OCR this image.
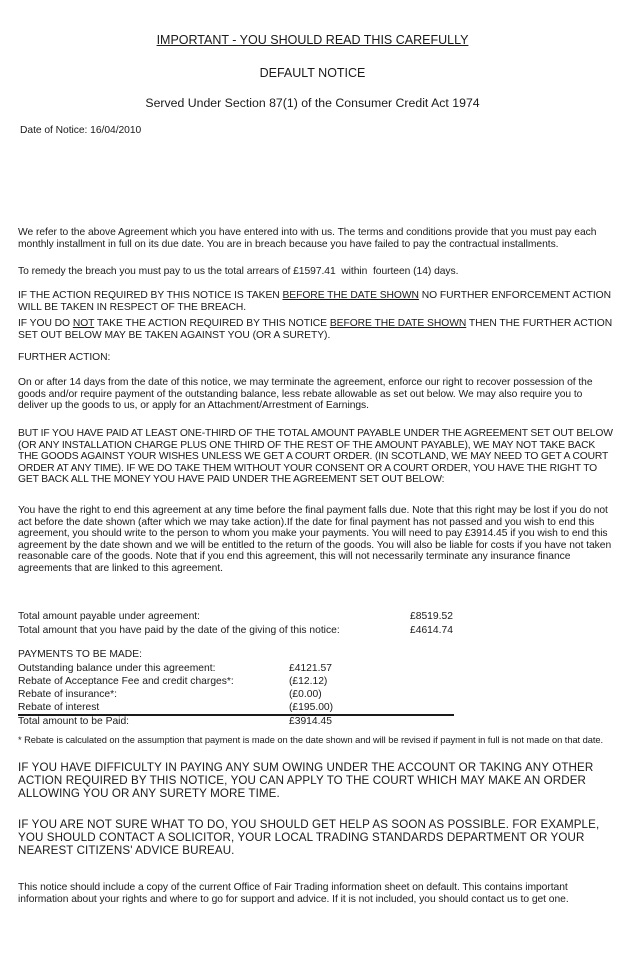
IMPORTANT - YOU SHOULD READ THIS CAREFULLY
DEFAULT NOTICE
Served Under Section 87(1) of the Consumer Credit Act 1974
Date of Notice: 16/04/2010
We refer to the above Agreement which you have entered into with us. The terms and conditions provide that you must pay each monthly installment in full on its due date. You are in breach because you have failed to pay the contractual installments.
To remedy the breach you must pay to us the total arrears of £1597.41 within fourteen (14) days.
IF THE ACTION REQUIRED BY THIS NOTICE IS TAKEN BEFORE THE DATE SHOWN NO FURTHER ENFORCEMENT ACTION WILL BE TAKEN IN RESPECT OF THE BREACH.
IF YOU DO NOT TAKE THE ACTION REQUIRED BY THIS NOTICE BEFORE THE DATE SHOWN THEN THE FURTHER ACTION SET OUT BELOW MAY BE TAKEN AGAINST YOU (OR A SURETY).
FURTHER ACTION:
On or after 14 days from the date of this notice, we may terminate the agreement, enforce our right to recover possession of the goods and/or require payment of the outstanding balance, less rebate allowable as set out below. We may also require you to deliver up the goods to us, or apply for an Attachment/Arrestment of Earnings.
BUT IF YOU HAVE PAID AT LEAST ONE-THIRD OF THE TOTAL AMOUNT PAYABLE UNDER THE AGREEMENT SET OUT BELOW (OR ANY INSTALLATION CHARGE PLUS ONE THIRD OF THE REST OF THE AMOUNT PAYABLE), WE MAY NOT TAKE BACK THE GOODS AGAINST YOUR WISHES UNLESS WE GET A COURT ORDER. (IN SCOTLAND, WE MAY NEED TO GET A COURT ORDER AT ANY TIME). IF WE DO TAKE THEM WITHOUT YOUR CONSENT OR A COURT ORDER, YOU HAVE THE RIGHT TO GET BACK ALL THE MONEY YOU HAVE PAID UNDER THE AGREEMENT SET OUT BELOW:
You have the right to end this agreement at any time before the final payment falls due. Note that this right may be lost if you do not act before the date shown (after which we may take action).If the date for final payment has not passed and you wish to end this agreement, you should write to the person to whom you make your payments. You will need to pay £3914.45 if you wish to end this agreement by the date shown and we will be entitled to the return of the goods. You will also be liable for costs if you have not taken reasonable care of the goods. Note that if you end this agreement, this will not necessarily terminate any insurance finance agreements that are linked to this agreement.
Total amount payable under agreement:	£8519.52
Total amount that you have paid by the date of the giving of this notice:	£4614.74
PAYMENTS TO BE MADE:
Outstanding balance under this agreement:	£4121.57
Rebate of Acceptance Fee and credit charges*:	(£12.12)
Rebate of insurance*:	(£0.00)
Rebate of interest	(£195.00)
Total amount to be Paid:	£3914.45
* Rebate is calculated on the assumption that payment is made on the date shown and will be revised if payment in full is not made on that date.
IF YOU HAVE DIFFICULTY IN PAYING ANY SUM OWING UNDER THE ACCOUNT OR TAKING ANY OTHER ACTION REQUIRED BY THIS NOTICE, YOU CAN APPLY TO THE COURT WHICH MAY MAKE AN ORDER ALLOWING YOU OR ANY SURETY MORE TIME.
IF YOU ARE NOT SURE WHAT TO DO, YOU SHOULD GET HELP AS SOON AS POSSIBLE. FOR EXAMPLE, YOU SHOULD CONTACT A SOLICITOR, YOUR LOCAL TRADING STANDARDS DEPARTMENT OR YOUR NEAREST CITIZENS' ADVICE BUREAU.
This notice should include a copy of the current Office of Fair Trading information sheet on default. This contains important information about your rights and where to go for support and advice. If it is not included, you should contact us to get one.
